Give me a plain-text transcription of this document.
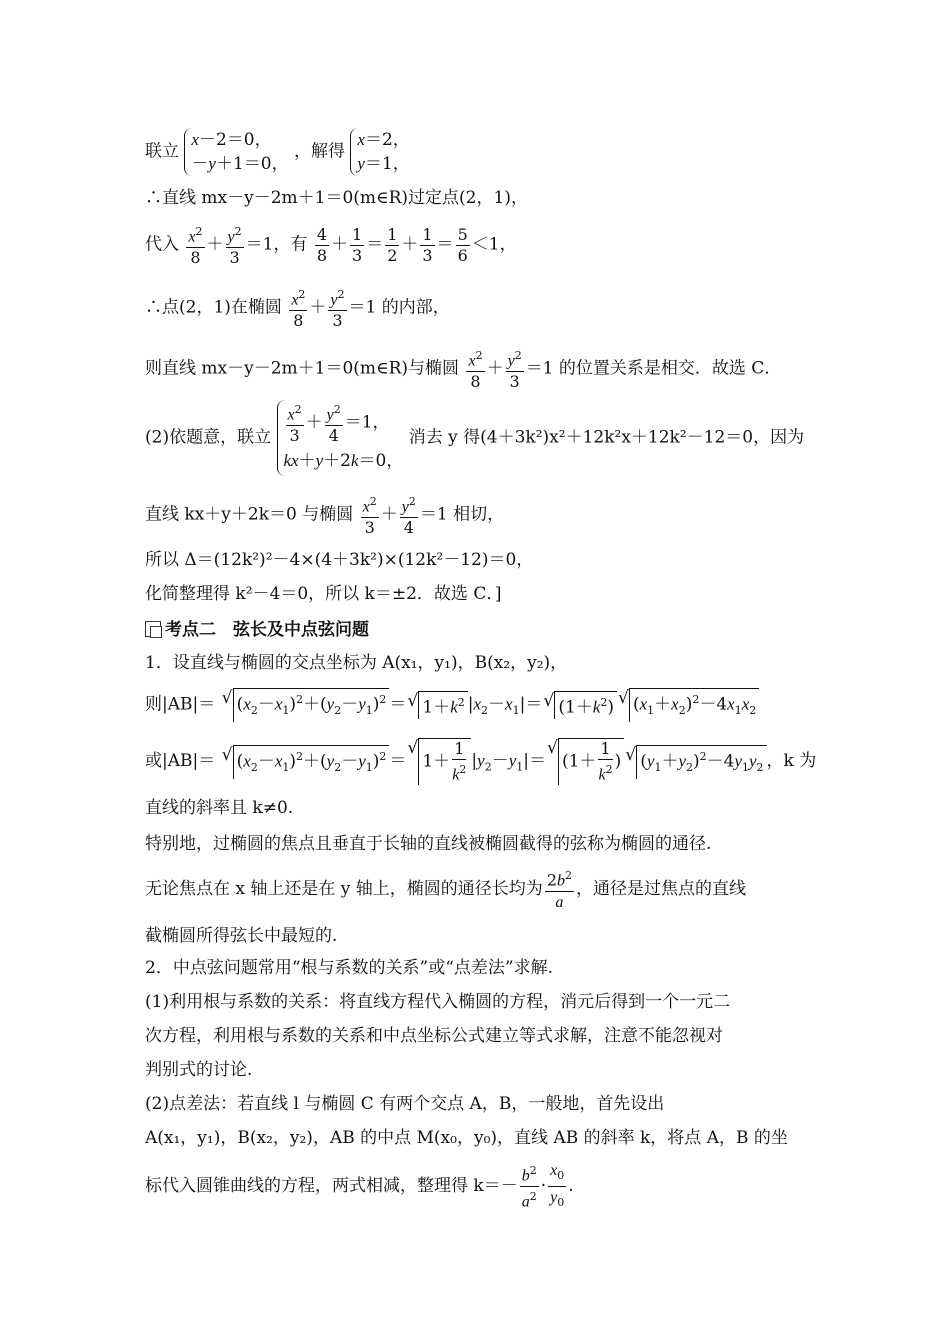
联立 x－2＝0，
－y＋1＝0， ，解得 x＝2，
y＝1，
∴直线 mx－y－2m＋1＝0(m∈R)过定点(2，1)，
代入 $\frac{x^2}{8} + \frac{y^2}{3} =1$，有 $\frac{4}{8} + \frac{1}{3} = \frac{1}{2} + \frac{1}{3} = \frac{5}{6} <1$，
∴点(2，1)在椭圆 $\frac{x^2}{8} + \frac{y^2}{3} =1$ 的内部，
则直线 mx－y－2m＋1＝0(m∈R)与椭圆 $\frac{x^2}{8} + \frac{y^2}{3} =1$ 的位置关系是相交．故选 C．
(2)依题意，联立 $\frac{x^2}{3} + \frac{y^2}{4} =1$，
kx＋y＋2k＝0， 消去 y 得(4＋3k²)x²＋12k²x＋12k²－12＝0，因为
直线 kx＋y＋2k＝0 与椭圆 $\frac{x^2}{3} + \frac{y^2}{4} =1$ 相切，
所以 Δ＝(12k²)²－4×(4＋3k²)×(12k²－12)＝0，
化简整理得 k²－4＝0，所以 k＝±2．故选 C．]
考点二　弦长及中点弦问题
1．设直线与椭圆的交点坐标为 A(x₁，y₁)，B(x₂，y₂)，
则|AB|＝ √ $(x_2-x_1)^2+(y_2-y_1)^2$ ＝√ $1+k^2$ $|x_2-x_1|=√$ $(1+k^2)√$ $(x_1+x_2)^2-4x_1x_2$
或|AB|＝ √ $(x_2-x_1)^2+(y_2-y_1)^2$ ＝√ $1+ \frac{1}{k^2} |y_2-y_1|=√$ ($1+ \frac{1}{k^2}$ )√ $(y_1+y_2)^2-4y_1y_2$ ，k 为
直线的斜率且 k≠0.
特别地，过椭圆的焦点且垂直于长轴的直线被椭圆截得的弦称为椭圆的通径.
无论焦点在 x 轴上还是在 y 轴上，椭圆的通径长均为 $\frac{2b^2}{a}$ ，通径是过焦点的直线
截椭圆所得弦长中最短的.
2．中点弦问题常用“根与系数的关系”或“点差法”求解.
(1)利用根与系数的关系：将直线方程代入椭圆的方程，消元后得到一个一元二
次方程，利用根与系数的关系和中点坐标公式建立等式求解，注意不能忽视对
判别式的讨论.
(2)点差法：若直线 l 与椭圆 C 有两个交点 A，B，一般地，首先设出
A(x₁，y₁)，B(x₂，y₂)，AB 的中点 M(x₀，y₀)，直线 AB 的斜率 k，将点 A，B 的坐
标代入圆锥曲线的方程，两式相减，整理得 $k=- \frac{b^2}{a^2} \cdot \frac{x_0}{y_0}$ .
